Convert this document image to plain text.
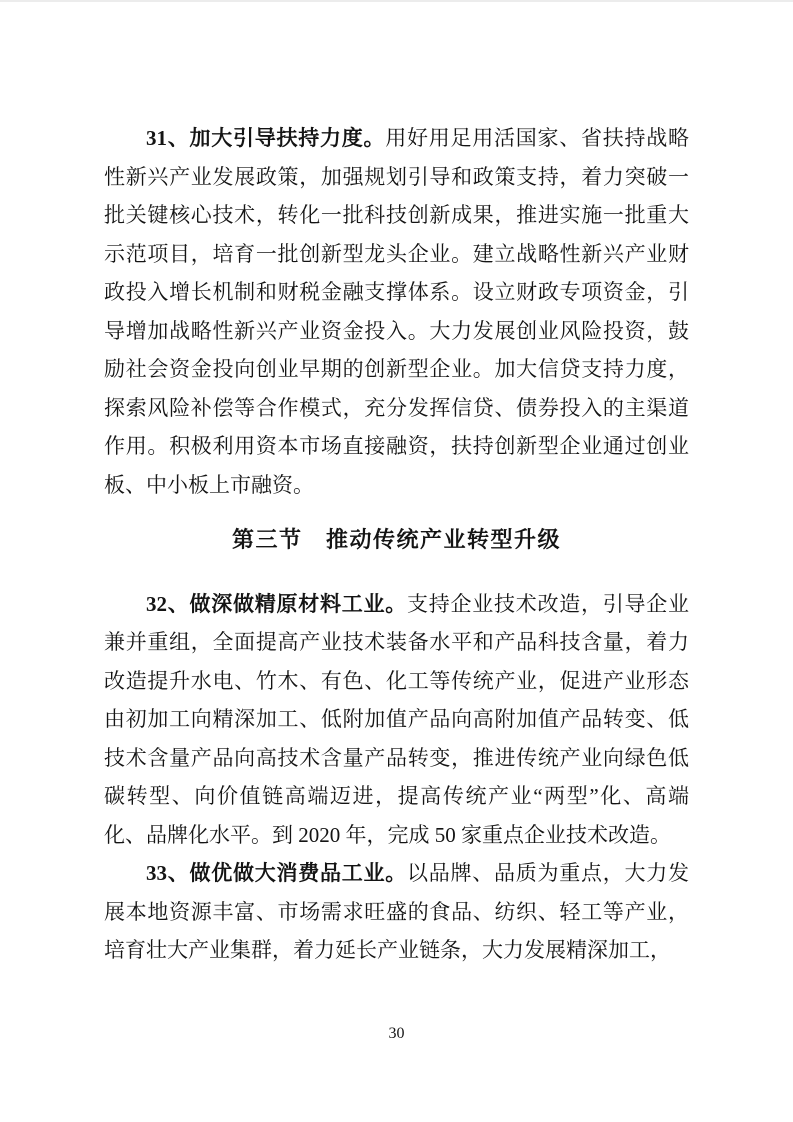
31、加大引导扶持力度。用好用足用活国家、省扶持战略性新兴产业发展政策，加强规划引导和政策支持，着力突破一批关键核心技术，转化一批科技创新成果，推进实施一批重大示范项目，培育一批创新型龙头企业。建立战略性新兴产业财政投入增长机制和财税金融支撑体系。设立财政专项资金，引导增加战略性新兴产业资金投入。大力发展创业风险投资，鼓励社会资金投向创业早期的创新型企业。加大信贷支持力度，探索风险补偿等合作模式，充分发挥信贷、债券投入的主渠道作用。积极利用资本市场直接融资，扶持创新型企业通过创业板、中小板上市融资。

第三节　推动传统产业转型升级

32、做深做精原材料工业。支持企业技术改造，引导企业兼并重组，全面提高产业技术装备水平和产品科技含量，着力改造提升水电、竹木、有色、化工等传统产业，促进产业形态由初加工向精深加工、低附加值产品向高附加值产品转变、低技术含量产品向高技术含量产品转变，推进传统产业向绿色低碳转型、向价值链高端迈进，提高传统产业“两型”化、高端化、品牌化水平。到 2020 年，完成 50 家重点企业技术改造。

33、做优做大消费品工业。以品牌、品质为重点，大力发展本地资源丰富、市场需求旺盛的食品、纺织、轻工等产业，培育壮大产业集群，着力延长产业链条，大力发展精深加工，

30
